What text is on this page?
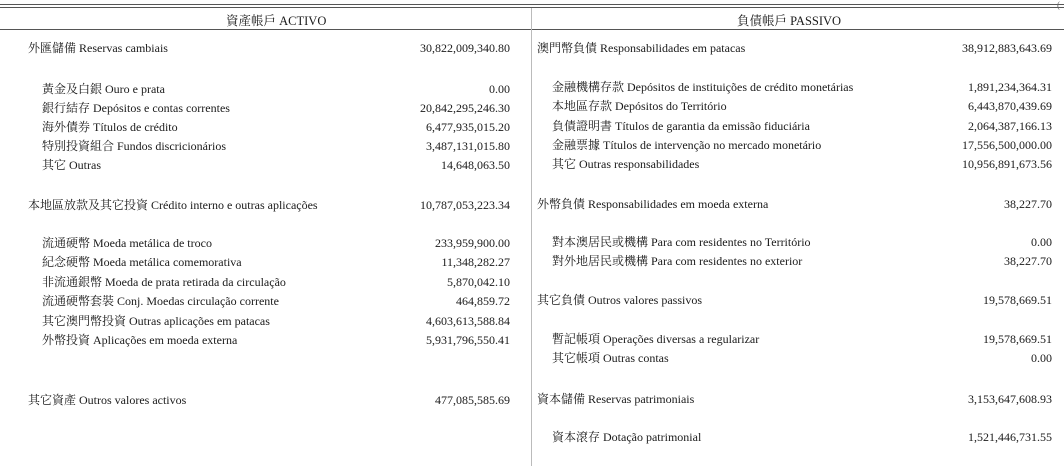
(
資產帳戶 ACTIVO	負債帳戶 PASSIVO
外匯儲備 Reservas cambiais	30,822,009,340.80
黃金及白銀 Ouro e prata	0.00
銀行結存 Depósitos e contas correntes	20,842,295,246.30
海外債券 Títulos de crédito	6,477,935,015.20
特別投資組合 Fundos discricionários	3,487,131,015.80
其它 Outras	14,648,063.50
本地區放款及其它投資 Crédito interno e outras aplicações	10,787,053,223.34
流通硬幣 Moeda metálica de troco	233,959,900.00
紀念硬幣 Moeda metálica comemorativa	11,348,282.27
非流通銀幣 Moeda de prata retirada da circulação	5,870,042.10
流通硬幣套裝 Conj. Moedas circulação corrente	464,859.72
其它澳門幣投資 Outras aplicações em patacas	4,603,613,588.84
外幣投資 Aplicações em moeda externa	5,931,796,550.41
其它資產 Outros valores activos	477,085,585.69
澳門幣負債 Responsabilidades em patacas	38,912,883,643.69
金融機構存款 Depósitos de instituições de crédito monetárias	1,891,234,364.31
本地區存款 Depósitos do Território	6,443,870,439.69
負債證明書 Títulos de garantia da emissão fiduciária	2,064,387,166.13
金融票據 Títulos de intervenção no mercado monetário	17,556,500,000.00
其它 Outras responsabilidades	10,956,891,673.56
外幣負債 Responsabilidades em moeda externa	38,227.70
對本澳居民或機構 Para com residentes no Território	0.00
對外地居民或機構 Para com residentes no exterior	38,227.70
其它負債 Outros valores passivos	19,578,669.51
暫記帳項 Operações diversas a regularizar	19,578,669.51
其它帳項 Outras contas	0.00
資本儲備 Reservas patrimoniais	3,153,647,608.93
資本滾存 Dotação patrimonial	1,521,446,731.55
